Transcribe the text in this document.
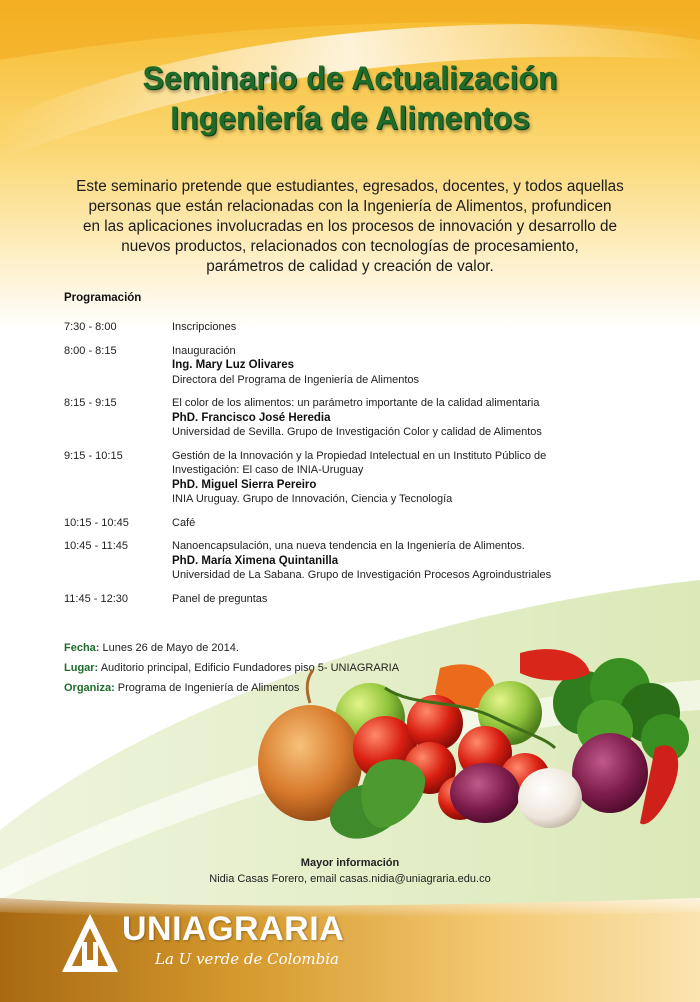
Seminario de Actualización
Ingeniería de Alimentos

Este seminario pretende que estudiantes, egresados, docentes, y todos aquellas
personas que están relacionadas con la Ingeniería de Alimentos, profundicen
en las aplicaciones involucradas en los procesos de innovación y desarrollo de
nuevos productos, relacionados con tecnologías de procesamiento,
parámetros de calidad y creación de valor.

Programación
7:30 - 8:00	Inscripciones
8:00 - 8:15	Inauguración
Ing. Mary Luz Olivares
Directora del Programa de Ingeniería de Alimentos
8:15 - 9:15	El color de los alimentos: un parámetro importante de la calidad alimentaria
PhD. Francisco José Heredia
Universidad de Sevilla. Grupo de Investigación Color y calidad de Alimentos
9:15 - 10:15	Gestión de la Innovación y la Propiedad Intelectual en un Instituto Público de
Investigación: El caso de INIA-Uruguay
PhD. Miguel Sierra Pereiro
INIA Uruguay. Grupo de Innovación, Ciencia y Tecnología
10:15 - 10:45	Café
10:45 - 11:45	Nanoencapsulación, una nueva tendencia en la Ingeniería de Alimentos.
PhD. María Ximena Quintanilla
Universidad de La Sabana. Grupo de Investigación Procesos Agroindustriales
11:45 - 12:30	Panel de preguntas
Fecha: Lunes 26 de Mayo de 2014.
Lugar: Auditorio principal, Edificio Fundadores piso 5- UNIAGRARIA
Organiza: Programa de Ingeniería de Alimentos
Mayor información
Nidia Casas Forero, email casas.nidia@uniagraria.edu.co
UNIAGRARIA
La U verde de Colombia
